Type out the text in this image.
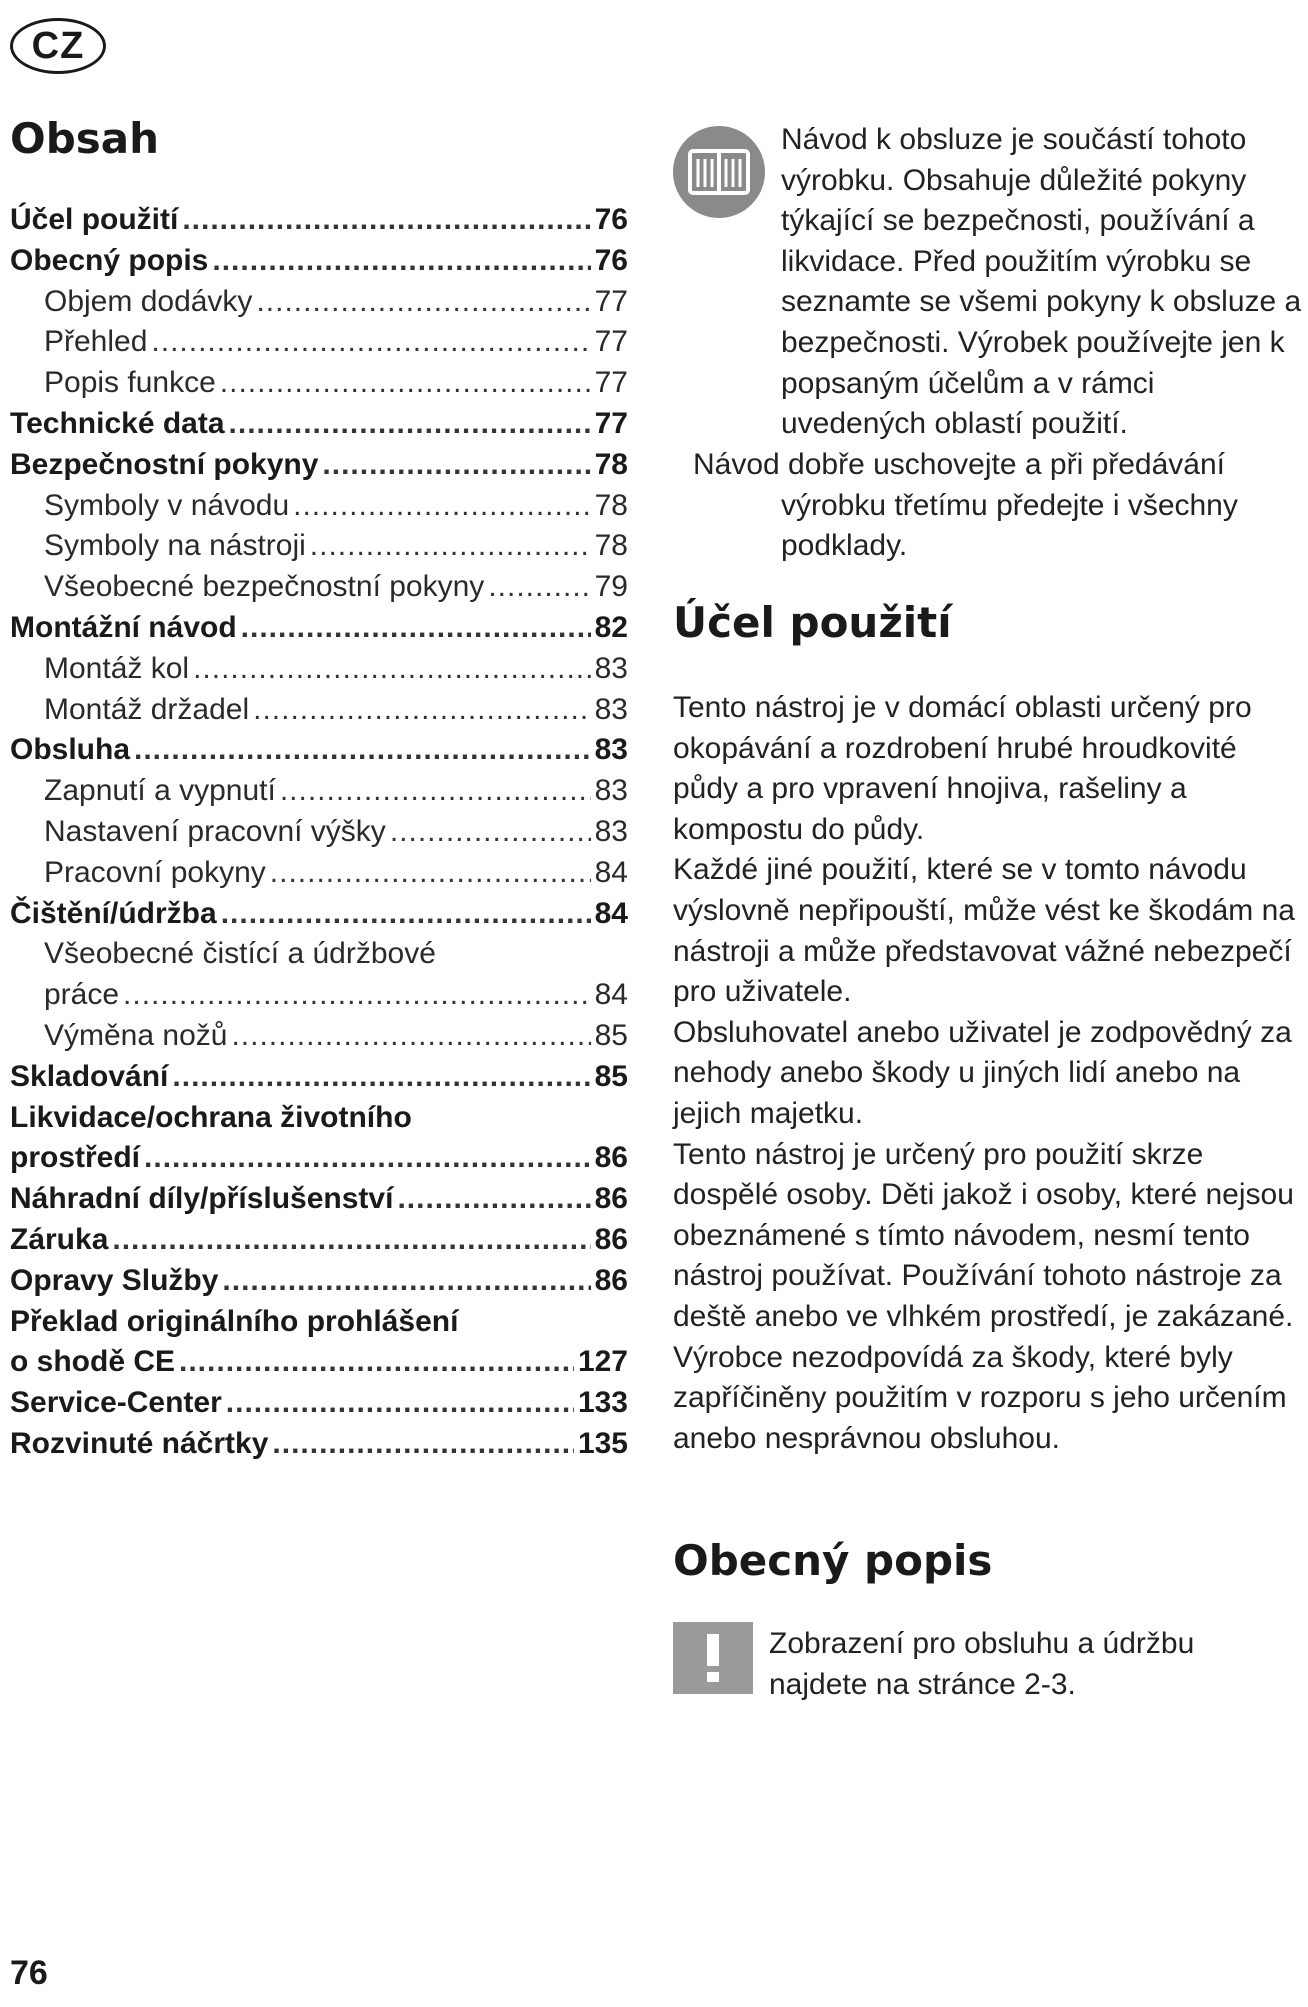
CZ
Obsah
Účel použití .....	76
Obecný popis .....	76
Objem dodávky .....	77
Přehled .....	77
Popis funkce .....	77
Technické data .....	77
Bezpečnostní pokyny .....	78
Symboly v návodu .....	78
Symboly na nástroji .....	78
Všeobecné bezpečnostní pokyny .....	79
Montážní návod .....	82
Montáž kol .....	83
Montáž držadel .....	83
Obsluha .....	83
Zapnutí a vypnutí .....	83
Nastavení pracovní výšky .....	83
Pracovní pokyny .....	84
Čištění/údržba .....	84
Všeobecné čistící a údržbové
práce .....	84
Výměna nožů .....	85
Skladování .....	85
Likvidace/ochrana životního
prostředí .....	86
Náhradní díly/příslušenství .....	86
Záruka .....	86
Opravy Služby .....	86
Překlad originálního prohlášení
o shodě CE .....	127
Service-Center .....	133
Rozvinuté náčrtky .....	135

Návod k obsluze je součástí tohoto výrobku. Obsahuje důležité pokyny týkající se bezpečnosti, používání a likvidace. Před použitím výrobku se seznamte se všemi pokyny k obsluze a bezpečnosti. Výrobek používejte jen k popsaným účelům a v rámci uvedených oblastí použití.

Návod dobře uschovejte a při předávání výrobku třetímu předejte i všechny podklady.

Účel použití

Tento nástroj je v domácí oblasti určený pro okopávání a rozdrobení hrubé hroudkovité půdy a pro vpravení hnojiva, rašeliny a kompostu do půdy.

Každé jiné použití, které se v tomto návodu výslovně nepřipouští, může vést ke škodám na nástroji a může představovat vážné nebezpečí pro uživatele.

Obsluhovatel anebo uživatel je zodpovědný za nehody anebo škody u jiných lidí anebo na jejich majetku.

Tento nástroj je určený pro použití skrze dospělé osoby. Děti jakož i osoby, které nejsou obeznámené s tímto návodem, nesmí tento nástroj používat. Používání tohoto nástroje za deště anebo ve vlhkém prostředí, je zakázané.

Výrobce nezodpovídá za škody, které byly zapříčiněny použitím v rozporu s jeho určením anebo nesprávnou obsluhou.

Obecný popis

Zobrazení pro obsluhu a údržbu najdete na stránce 2-3.

76
